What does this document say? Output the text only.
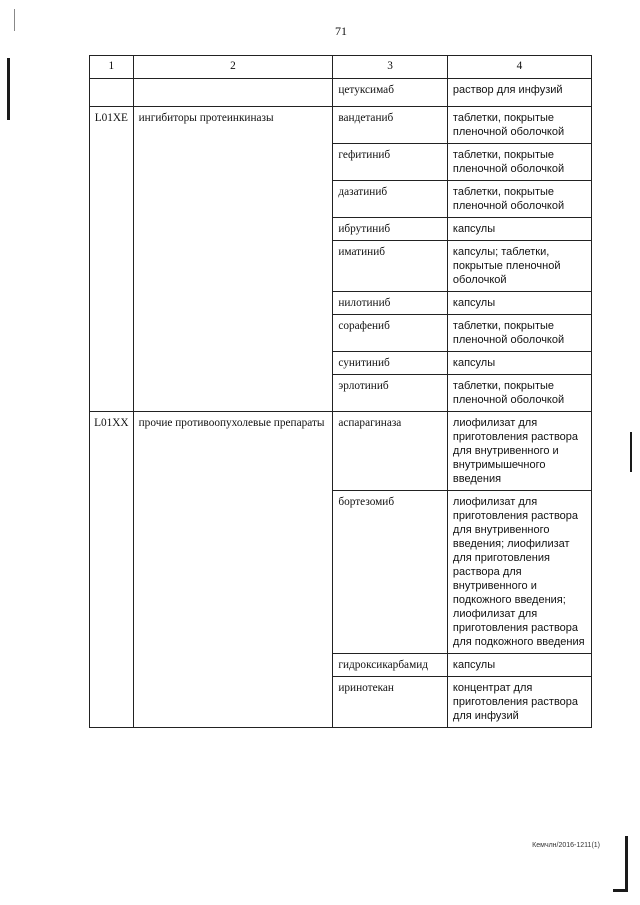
71
1	2	3	4
		цетуксимаб	раствор для инфузий
L01XE	ингибиторы протеинкиназы	вандетаниб	таблетки, покрытые пленочной оболочкой
		гефитиниб	таблетки, покрытые пленочной оболочкой
		дазатиниб	таблетки, покрытые пленочной оболочкой
		ибрутиниб	капсулы
		иматиниб	капсулы; таблетки, покрытые пленочной оболочкой
		нилотиниб	капсулы
		сорафениб	таблетки, покрытые пленочной оболочкой
		сунитиниб	капсулы
		эрлотиниб	таблетки, покрытые пленочной оболочкой
L01XX	прочие противоопухолевые препараты	аспарагиназа	лиофилизат для приготовления раствора для внутривенного и внутримышечного введения
		бортезомиб	лиофилизат для приготовления раствора для внутривенного введения; лиофилизат для приготовления раствора для внутривенного и подкожного введения; лиофилизат для приготовления раствора для подкожного введения
		гидроксикарбамид	капсулы
		иринотекан	концентрат для приготовления раствора для инфузий
Кемчлн/2016-1211(1)
